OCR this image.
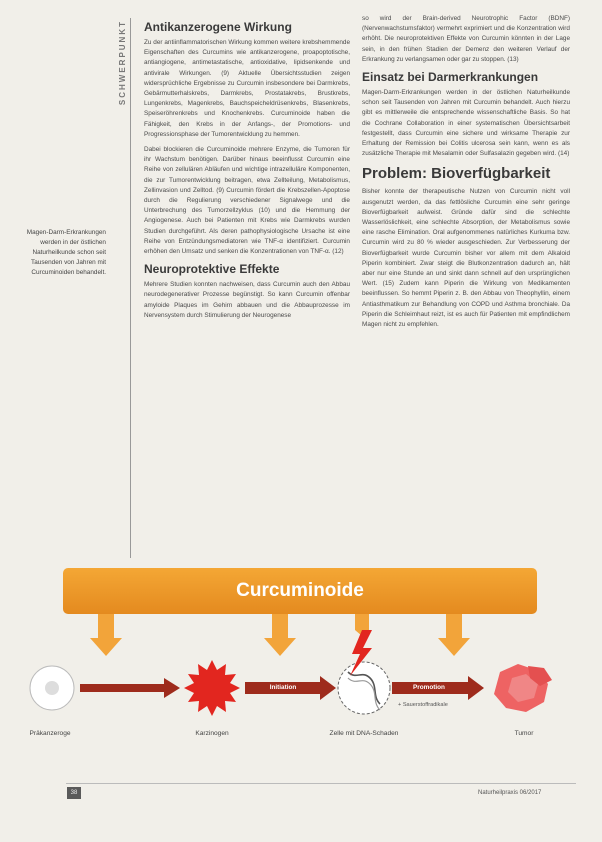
SCHWERPUNKT
Magen-Darm-Erkrankungen werden in der östlichen Naturheilkunde schon seit Tausenden von Jahren mit Curcuminoiden behandelt.
Antikanzerogene Wirkung

Zu der antiinflammatorischen Wirkung kommen weitere krebshemmende Eigenschaften des Curcumins wie antikanzerogene, proapoptotische, antiangiogene, antimetastatische, antioxidative, lipidsenkende und antivirale Wirkungen. (9) Aktuelle Übersichtsstudien zeigen widersprüchliche Ergebnisse zu Curcumin insbesondere bei Darmkrebs, Gebärmutterhalskrebs, Darmkrebs, Prostatakrebs, Brustkrebs, Lungenkrebs, Magenkrebs, Bauchspeicheldrüsenkrebs, Blasenkrebs, Speiseröhrenkrebs und Knochenkrebs. Curcuminoide haben die Fähigkeit, den Krebs in der Anfangs-, der Promotions- und Progressionsphase der Tumorentwicklung zu hemmen.

Dabei blockieren die Curcuminoide mehrere Enzyme, die Tumoren für ihr Wachstum benötigen. Darüber hinaus beeinflusst Curcumin eine Reihe von zellulären Abläufen und wichtige intrazelluläre Komponenten, die zur Tumorentwicklung beitragen, etwa Zellteilung, Metabolismus, Zellinvasion und Zelltod. (9) Curcumin fördert die Krebszellen-Apoptose durch die Regulierung verschiedener Signalwege und die Unterbrechung des Tumorzellzyklus (10) und die Hemmung der Angiogenese. Auch bei Patienten mit Krebs wie Darmkrebs wurden Studien durchgeführt. Als deren pathophysiologische Ursache ist eine Reihe von Entzündungsmediatoren wie TNF-α identifiziert. Curcumin erhöhen den Umsatz und senken die Konzentrationen von TNF-α. (12)

Neuroprotektive Effekte

Mehrere Studien konnten nachweisen, dass Curcumin auch den Abbau neurodegenerativer Prozesse begünstigt. So kann Curcumin offenbar amyloide Plaques im Gehirn abbauen und die Abbauprozesse im Nervensystem durch Stimulierung der Neurogenese

so wird der Brain-derived Neurotrophic Factor (BDNF) (Nervenwachstumsfaktor) vermehrt exprimiert und die Konzentration wird erhöht. Die neuroprotektiven Effekte von Curcumin könnten in der Lage sein, in den frühen Stadien der Demenz den weiteren Verlauf der Erkrankung zu verlangsamen oder gar zu stoppen. (13)

Einsatz bei Darmerkrankungen

Magen-Darm-Erkrankungen werden in der östlichen Naturheilkunde schon seit Tausenden von Jahren mit Curcumin behandelt. Auch hierzu gibt es mittlerweile die entsprechende wissenschaftliche Basis. So hat die Cochrane Collaboration in einer systematischen Übersichtsarbeit festgestellt, dass Curcumin eine sichere und wirksame Therapie zur Erhaltung der Remission bei Colitis ulcerosa sein kann, wenn es als zusätzliche Therapie mit Mesalamin oder Sulfasalazin gegeben wird. (14)

Problem: Bioverfügbarkeit

Bisher konnte der therapeutische Nutzen von Curcumin nicht voll ausgenutzt werden, da das fettlösliche Curcumin eine sehr geringe Bioverfügbarkeit aufweist. Gründe dafür sind die schlechte Wasserlöslichkeit, eine schlechte Absorption, der Metabolismus sowie eine rasche Elimination. Oral aufgenommenes natürliches Kurkuma bzw. Curcumin wird zu 80 % wieder ausgeschieden. Zur Verbesserung der Bioverfügbarkeit wurde Curcumin bisher vor allem mit dem Alkaloid Piperin kombiniert. Zwar steigt die Blutkonzentration dadurch an, hält aber nur eine Stunde an und sinkt dann schnell auf den ursprünglichen Wert. (15) Zudem kann Piperin die Wirkung von Medikamenten beeinflussen. So hemmt Piperin z. B. den Abbau von Theophyllin, einem Antiasthmatikum zur Behandlung von COPD und Asthma bronchiale. Da Piperin die Schleimhaut reizt, ist es auch für Patienten mit empfindlichem Magen nicht zu empfehlen.

Curcuminoide
Initiation	Promotion
+ Sauerstoffradikale
Präkanzeroge	Karzinogen	Zelle mit DNA-Schaden	Tumor
38	Naturheilpraxis 06/2017
